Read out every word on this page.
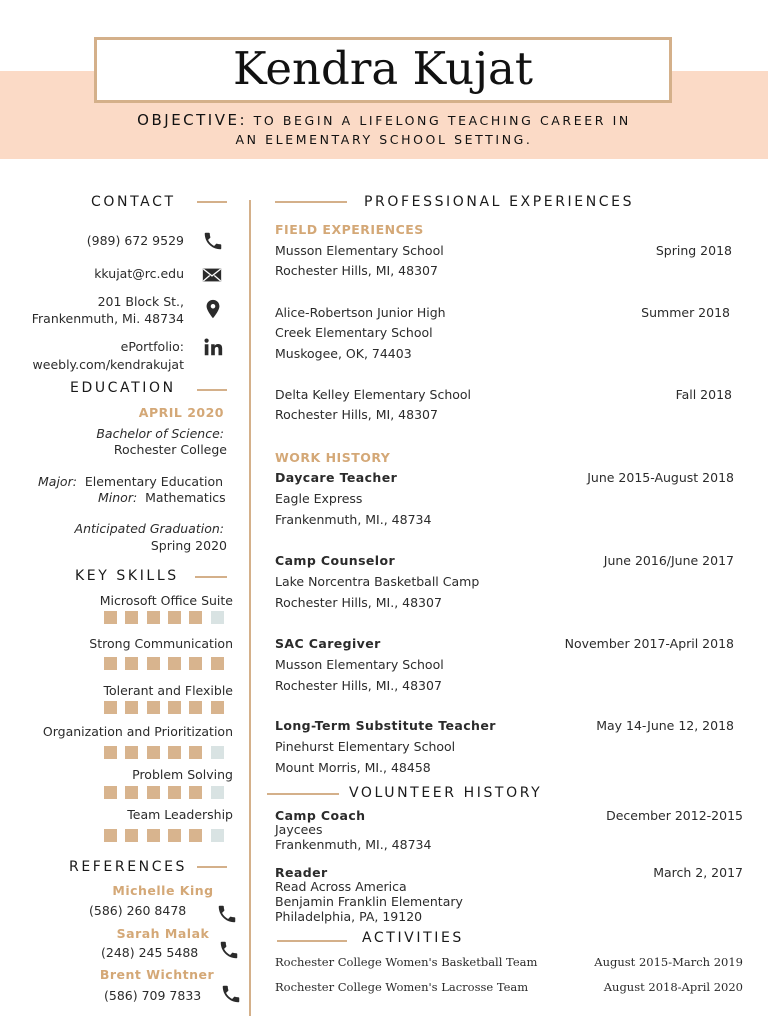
Kendra Kujat
OBJECTIVE: TO BEGIN A LIFELONG TEACHING CAREER IN
AN ELEMENTARY SCHOOL SETTING.
CONTACT
(989) 672 9529
kkujat@rc.edu
201 Block St.,
Frankenmuth, Mi. 48734
ePortfolio:
weebly.com/kendrakujat
EDUCATION
APRIL 2020
Bachelor of Science:
Rochester College
Major: Elementary Education
Minor: Mathematics
Anticipated Graduation:
Spring 2020
KEY SKILLS
Microsoft Office Suite
Strong Communication
Tolerant and Flexible
Organization and Prioritization
Problem Solving
Team Leadership
REFERENCES
Michelle King
(586) 260 8478
Sarah Malak
(248) 245 5488
Brent Wichtner
(586) 709 7833
PROFESSIONAL EXPERIENCES
FIELD EXPERIENCES
Musson Elementary School
Rochester Hills, MI, 48307
Spring 2018
Alice-Robertson Junior High
Creek Elementary School
Muskogee, OK, 74403
Summer 2018
Delta Kelley Elementary School
Rochester Hills, MI, 48307
Fall 2018
WORK HISTORY
Daycare Teacher
Eagle Express
Frankenmuth, MI., 48734
June 2015-August 2018
Camp Counselor
Lake Norcentra Basketball Camp
Rochester Hills, MI., 48307
June 2016/June 2017
SAC Caregiver
Musson Elementary School
Rochester Hills, MI., 48307
November 2017-April 2018
Long-Term Substitute Teacher
Pinehurst Elementary School
Mount Morris, MI., 48458
May 14-June 12, 2018
VOLUNTEER HISTORY
Camp Coach
Jaycees
Frankenmuth, MI., 48734
December 2012-2015
Reader
Read Across America
Benjamin Franklin Elementary
Philadelphia, PA, 19120
March 2, 2017
ACTIVITIES
Rochester College Women's Basketball Team	August 2015-March 2019
Rochester College Women's Lacrosse Team	August 2018-April 2020
